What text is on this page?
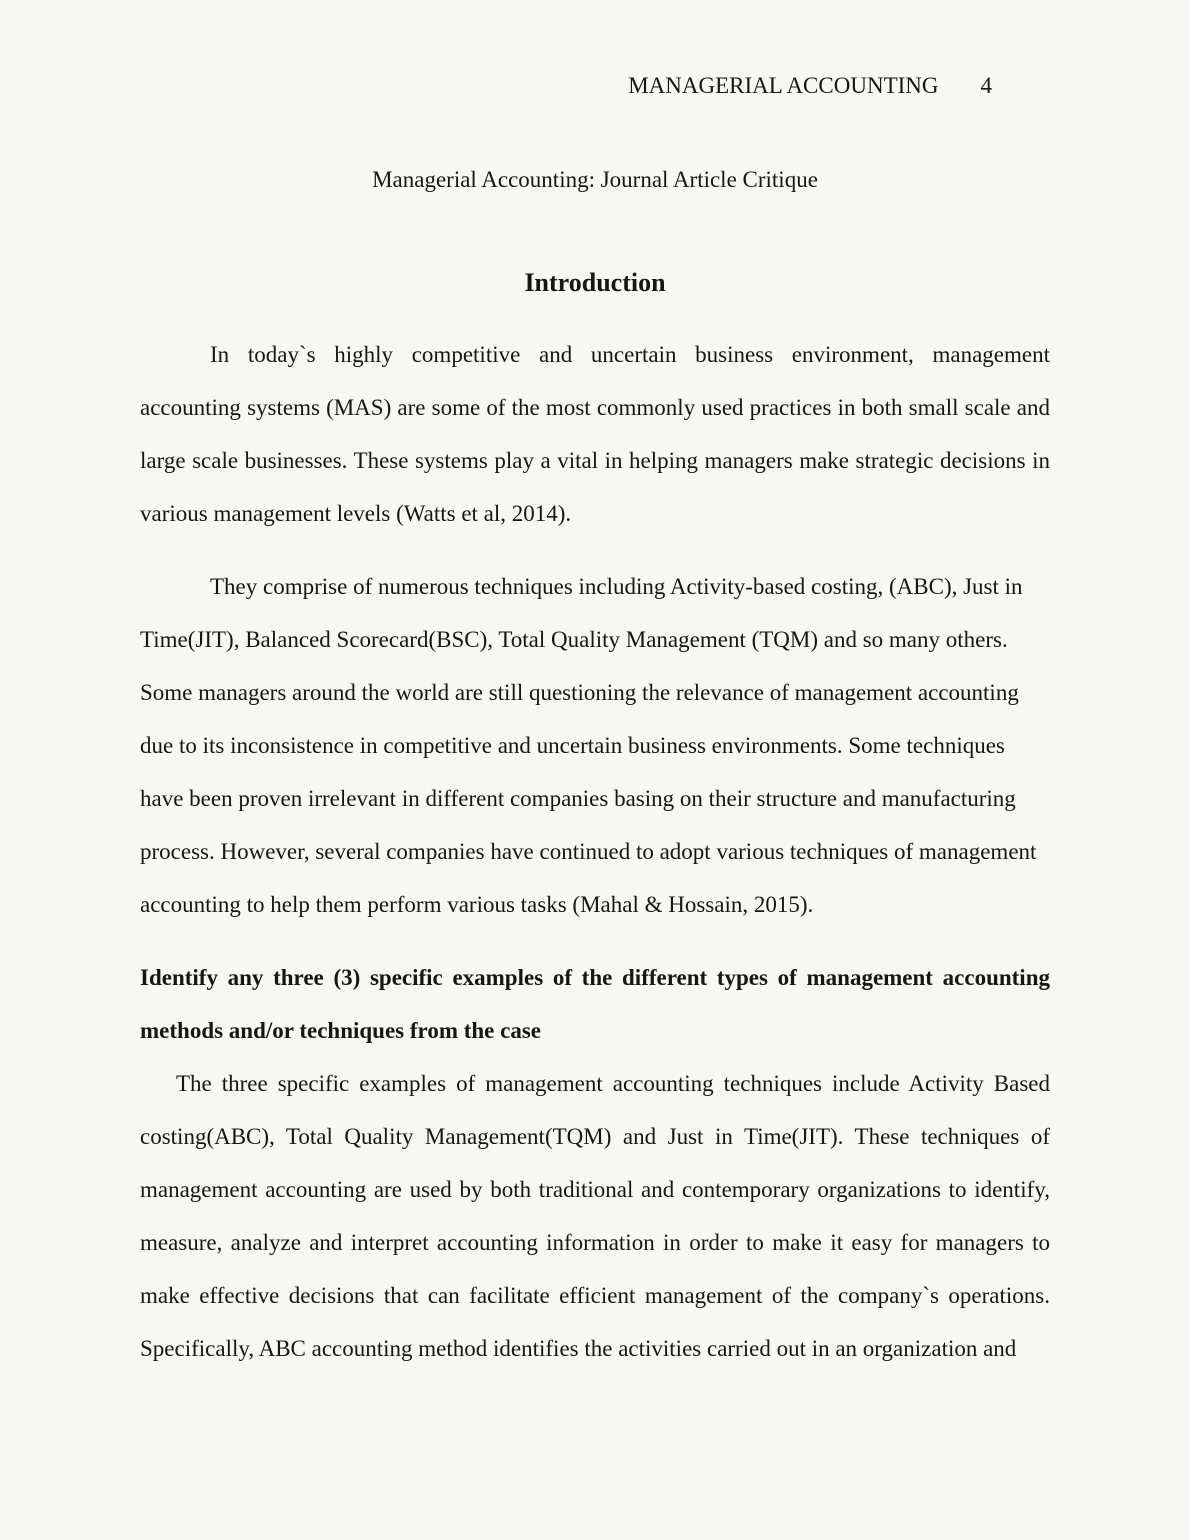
MANAGERIAL ACCOUNTING 4
Managerial Accounting: Journal Article Critique
Introduction

In today`s highly competitive and uncertain business environment, management accounting systems (MAS) are some of the most commonly used practices in both small scale and large scale businesses. These systems play a vital in helping managers make strategic decisions in various management levels (Watts et al, 2014).

They comprise of numerous techniques including Activity-based costing, (ABC), Just in Time(JIT), Balanced Scorecard(BSC), Total Quality Management (TQM) and so many others. Some managers around the world are still questioning the relevance of management accounting due to its inconsistence in competitive and uncertain business environments. Some techniques have been proven irrelevant in different companies basing on their structure and manufacturing process. However, several companies have continued to adopt various techniques of management accounting to help them perform various tasks (Mahal & Hossain, 2015).

Identify any three (3) specific examples of the different types of management accounting methods and/or techniques from the case

The three specific examples of management accounting techniques include Activity Based costing(ABC), Total Quality Management(TQM) and Just in Time(JIT). These techniques of management accounting are used by both traditional and contemporary organizations to identify, measure, analyze and interpret accounting information in order to make it easy for managers to make effective decisions that can facilitate efficient management of the company`s operations. Specifically, ABC accounting method identifies the activities carried out in an organization and
